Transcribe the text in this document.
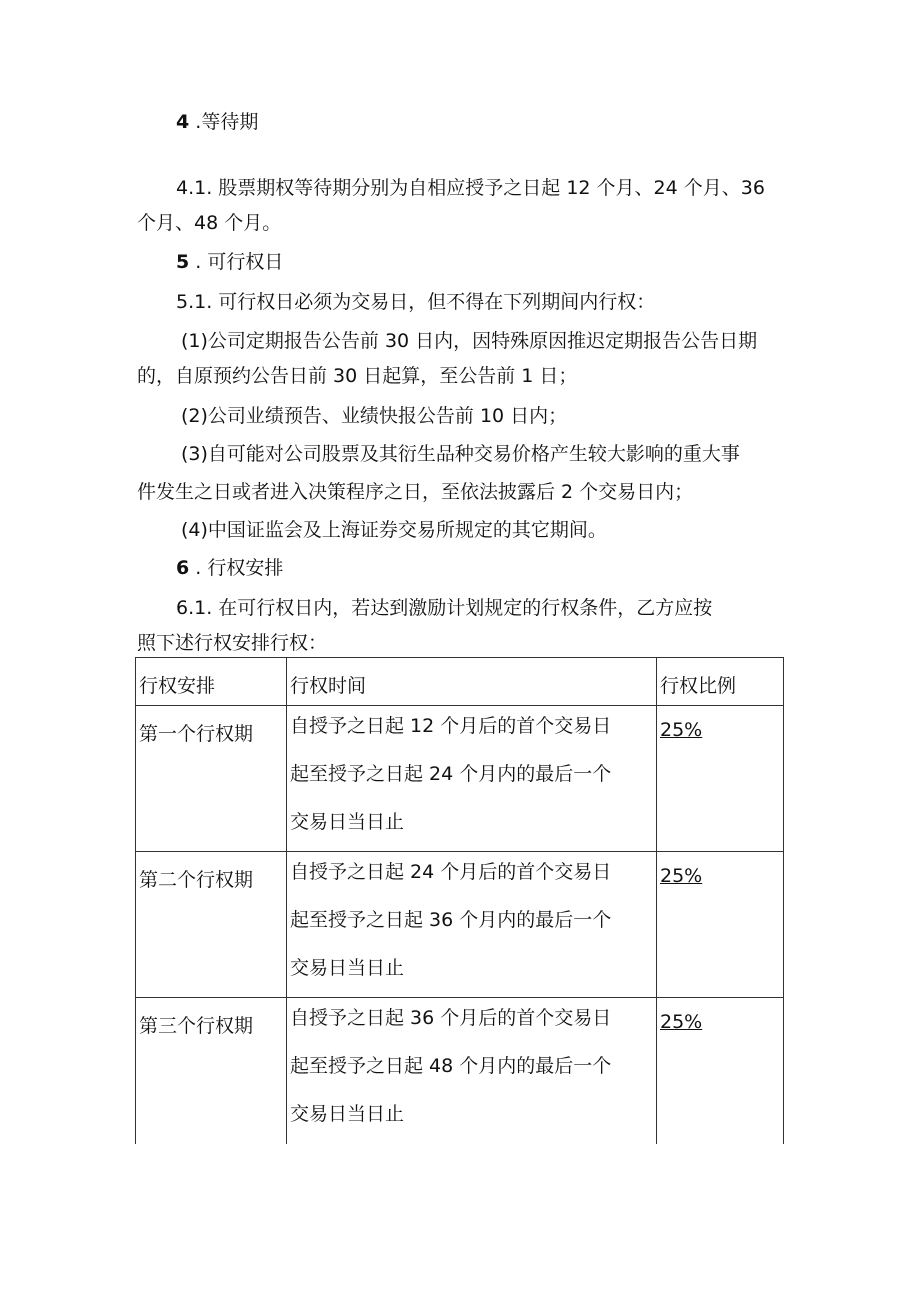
4 .等待期
4.1. 股票期权等待期分别为自相应授予之日起 12 个月、24 个月、36
个月、48 个月。
5 . 可行权日
5.1. 可行权日必须为交易日，但不得在下列期间内行权：
(1)公司定期报告公告前 30 日内，因特殊原因推迟定期报告公告日期
的，自原预约公告日前 30 日起算，至公告前 1 日；
(2)公司业绩预告、业绩快报公告前 10 日内；
(3)自可能对公司股票及其衍生品种交易价格产生较大影响的重大事
件发生之日或者进入决策程序之日，至依法披露后 2 个交易日内；
(4)中国证监会及上海证券交易所规定的其它期间。
6 . 行权安排
6.1. 在可行权日内，若达到激励计划规定的行权条件，乙方应按
照下述行权安排行权：
行权安排	行权时间	行权比例
第一个行权期	自授予之日起 12 个月后的首个交易日
起至授予之日起 24 个月内的最后一个
交易日当日止	25%
第二个行权期	自授予之日起 24 个月后的首个交易日
起至授予之日起 36 个月内的最后一个
交易日当日止	25%
第三个行权期	自授予之日起 36 个月后的首个交易日
起至授予之日起 48 个月内的最后一个
交易日当日止	25%
